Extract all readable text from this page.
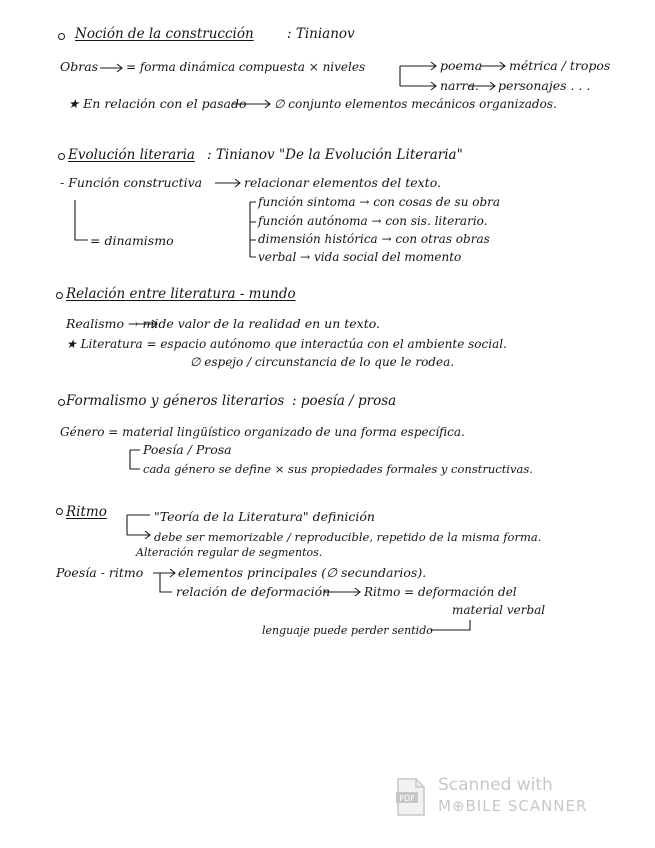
Noción de la construcción : Tinianov
Obras = forma dinámica compuesta × niveles	poema métrica / tropos
narra. personajes . . .
★ En relación con el pasado ∅ conjunto elementos mecánicos organizados.
Evolución literaria : Tinianov "De la Evolución Literaria"
- Función constructiva	relacionar elementos del texto.
= dinamismo
función sintoma → con cosas de su obra
función autónoma → con sis. literario.
dimensión histórica → con otras obras
verbal → vida social del momento
Relación entre literatura - mundo
Realismo → mide valor de la realidad en un texto.
★ Literatura = espacio autónomo que interactúa con el ambiente social.
∅ espejo / circunstancia de lo que le rodea.
Formalismo y géneros literarios : poesía / prosa
Género = material lingüístico organizado de una forma específica.
Poesía / Prosa
cada género se define × sus propiedades formales y constructivas.
Ritmo	"Teoría de la Literatura" definición
debe ser memorizable / reproducible, repetido de la misma forma.
Alteración regular de segmentos.
Poesía - ritmo	elementos principales (∅ secundarios).
relación de deformación	Ritmo = deformación del
material verbal
lenguaje puede perder sentido
PDF
Scanned with
M⊕BILE SCANNER
